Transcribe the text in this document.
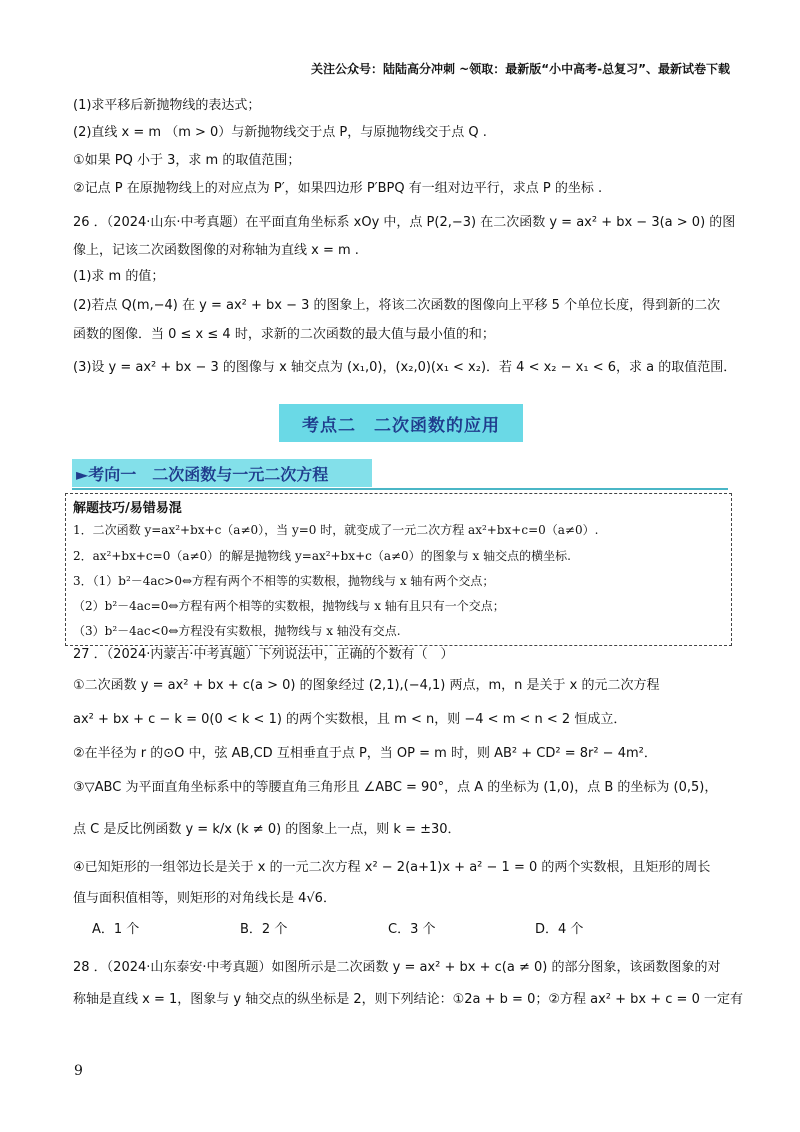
关注公众号：陆陆高分冲刺 ~领取：最新版“小中高考-总复习”、最新试卷下载
(1)求平移后新抛物线的表达式；
(2)直线 x = m （m > 0）与新抛物线交于点 P，与原抛物线交于点 Q .
①如果 PQ 小于 3，求 m 的取值范围；
②记点 P 在原抛物线上的对应点为 P′，如果四边形 P′BPQ 有一组对边平行，求点 P 的坐标 .
26 ．（2024·山东·中考真题）在平面直角坐标系 xOy 中，点 P(2,−3) 在二次函数 y = ax² + bx − 3(a > 0) 的图
像上，记该二次函数图像的对称轴为直线 x = m .
(1)求 m 的值；
(2)若点 Q(m,−4) 在 y = ax² + bx − 3 的图象上，将该二次函数的图像向上平移 5 个单位长度，得到新的二次
函数的图像．当 0 ≤ x ≤ 4 时，求新的二次函数的最大值与最小值的和；
(3)设 y = ax² + bx − 3 的图像与 x 轴交点为 (x₁,0)，(x₂,0)(x₁ < x₂)．若 4 < x₂ − x₁ < 6，求 a 的取值范围．
考点二　二次函数的应用
►考向一　二次函数与一元二次方程
解题技巧/易错易混
1．二次函数 y=ax²+bx+c（a≠0），当 y=0 时，就变成了一元二次方程 ax²+bx+c=0（a≠0）.
2．ax²+bx+c=0（a≠0）的解是抛物线 y=ax²+bx+c（a≠0）的图象与 x 轴交点的横坐标.
3．（1）b²－4ac>0⇔方程有两个不相等的实数根，抛物线与 x 轴有两个交点；
（2）b²－4ac=0⇔方程有两个相等的实数根，抛物线与 x 轴有且只有一个交点；
（3）b²－4ac<0⇔方程没有实数根，抛物线与 x 轴没有交点.
27 ．（2024·内蒙古·中考真题）下列说法中，正确的个数有（　）
①二次函数 y = ax² + bx + c(a > 0) 的图象经过 (2,1),(−4,1) 两点，m，n 是关于 x 的元二次方程
ax² + bx + c − k = 0(0 < k < 1) 的两个实数根，且 m < n，则 −4 < m < n < 2 恒成立．
②在半径为 r 的⊙O 中，弦 AB,CD 互相垂直于点 P，当 OP = m 时，则 AB² + CD² = 8r² − 4m²．
③▽ABC 为平面直角坐标系中的等腰直角三角形且 ∠ABC = 90°，点 A 的坐标为 (1,0)，点 B 的坐标为 (0,5)，
点 C 是反比例函数 y = k/x (k ≠ 0) 的图象上一点，则 k = ±30．
④已知矩形的一组邻边长是关于 x 的一元二次方程 x² − 2(a+1)x + a² − 1 = 0 的两个实数根，且矩形的周长
值与面积值相等，则矩形的对角线长是 4√6．
A．1 个	B．2 个	C．3 个	D．4 个
28 ．（2024·山东泰安·中考真题）如图所示是二次函数 y = ax² + bx + c(a ≠ 0) 的部分图象，该函数图象的对
称轴是直线 x = 1，图象与 y 轴交点的纵坐标是 2，则下列结论：①2a + b = 0；②方程 ax² + bx + c = 0 一定有
9
